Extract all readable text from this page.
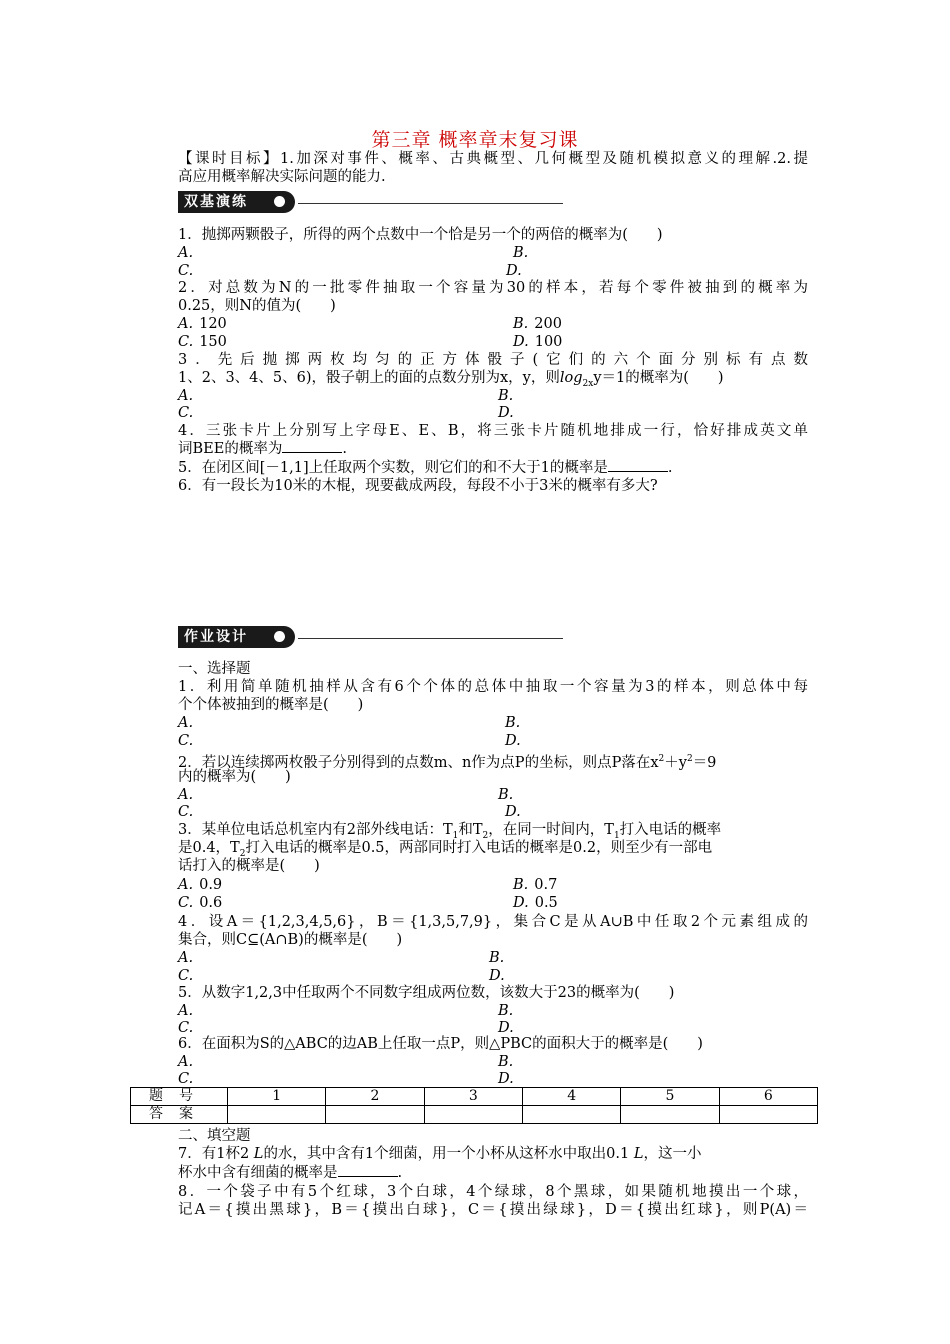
第三章 概率章末复习课
【课时目标】1.加深对事件、概率、古典概型、几何概型及随机模拟意义的理解.2.提
高应用概率解决实际问题的能力.
双基演练
1．抛掷两颗骰子，所得的两个点数中一个恰是另一个的两倍的概率为(　　)
A.	B.
C.	D.
2．对总数为N的一批零件抽取一个容量为30的样本，若每个零件被抽到的概率为
0.25，则N的值为(　　)
A. 120	B. 200
C. 150	D. 100
3．先后抛掷两枚均匀的正方体骰子(它们的六个面分别标有点数
1、2、3、4、5、6)，骰子朝上的面的点数分别为x，y，则$\log_{2x}y=1$的概率为(　　)
A.	B.
C.	D.
4．三张卡片上分别写上字母E、E、B，将三张卡片随机地排成一行，恰好排成英文单
词BEE的概率为	.
5．在闭区间[－1,1]上任取两个实数，则它们的和不大于1的概率是	.
6．有一段长为10米的木棍，现要截成两段，每段不小于3米的概率有多大?
作业设计
一、选择题
1．利用简单随机抽样从含有6个个体的总体中抽取一个容量为3的样本，则总体中每
个个体被抽到的概率是(　　)
A.	B.
C.	D.
2．若以连续掷两枚骰子分别得到的点数m、n作为点P的坐标，则点P落在$x^2+y^2=9$
内的概率为(　　)
A.	B.
C.	D.
3．某单位电话总机室内有2部外线电话：$T_1$和$T_2$，在同一时间内，$T_1$打入电话的概率
是0.4，$T_2$打入电话的概率是0.5，两部同时打入电话的概率是0.2，则至少有一部电
话打入的概率是(　　)
A. 0.9	B. 0.7
C. 0.6	D. 0.5
4．设A＝{1,2,3,4,5,6}，B＝{1,3,5,7,9}，集合C是从A∪B中任取2个元素组成的
集合，则C⊆(A∩B)的概率是(　　)
A.	B.
C.	D.
5．从数字1,2,3中任取两个不同数字组成两位数，该数大于23的概率为(　　)
A.	B.
C.	D.
6．在面积为S的△ABC的边AB上任取一点P，则△PBC的面积大于的概率是(　　)
A.	B.
C.	D.
题号	1	2	3	4	5	6
答案						
二、填空题
7．有1杯2 L的水，其中含有1个细菌，用一个小杯从这杯水中取出0.1 L，这一小
杯水中含有细菌的概率是	.
8．一个袋子中有5个红球，3个白球，4个绿球，8个黑球，如果随机地摸出一个球，
记A＝{摸出黑球}，B＝{摸出白球}，C＝{摸出绿球}，D＝{摸出红球}，则P(A)＝
